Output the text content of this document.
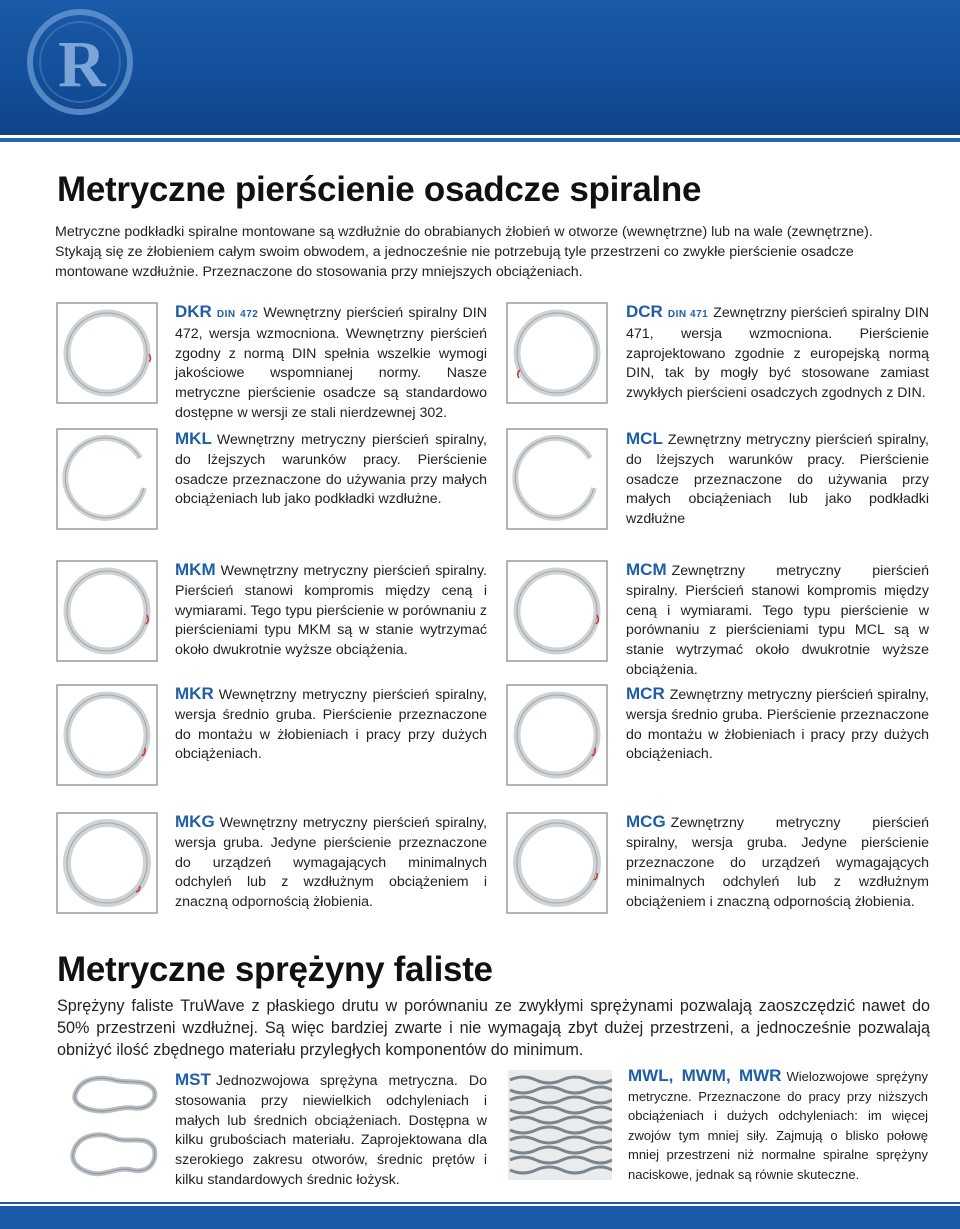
R
Metryczne pierścienie osadcze spiralne
Metryczne podkładki spiralne montowane są wzdłużnie do obrabianych żłobień w otworze (wewnętrzne) lub na wale (zewnętrzne). Stykają się ze żłobieniem całym swoim obwodem, a jednocześnie nie potrzebują tyle przestrzeni co zwykłe pierścienie osadcze montowane wzdłużnie. Przeznaczone do stosowania przy mniejszych obciążeniach.
DKR DIN 472 Wewnętrzny pierścień spiralny DIN 472, wersja wzmocniona. Wewnętrzny pierścień zgodny z normą DIN spełnia wszelkie wymogi jakościowe wspomnianej normy. Nasze metryczne pierścienie osadcze są standardowo dostępne w wersji ze stali nierdzewnej 302.
DCR DIN 471 Zewnętrzny pierścień spiralny DIN 471, wersja wzmocniona. Pierścienie zaprojektowano zgodnie z europejską normą DIN, tak by mogły być stosowane zamiast zwykłych pierścieni osadczych zgodnych z DIN.
MKL Wewnętrzny metryczny pierścień spiralny, do lżejszych warunków pracy. Pierścienie osadcze przeznaczone do używania przy małych obciążeniach lub jako podkładki wzdłużne.
MCL Zewnętrzny metryczny pierścień spiralny, do lżejszych warunków pracy. Pierścienie osadcze przeznaczone do używania przy małych obciążeniach lub jako podkładki wzdłużne
MKM Wewnętrzny metryczny pierścień spiralny. Pierścień stanowi kompromis między ceną i wymiarami. Tego typu pierścienie w porównaniu z pierścieniami typu MKM są w stanie wytrzymać około dwukrotnie wyższe obciążenia.
MCM Zewnętrzny metryczny pierścień spiralny. Pierścień stanowi kompromis między ceną i wymiarami. Tego typu pierścienie w porównaniu z pierścieniami typu MCL są w stanie wytrzymać około dwukrotnie wyższe obciążenia.
MKR Wewnętrzny metryczny pierścień spiralny, wersja średnio gruba. Pierścienie przeznaczone do montażu w żłobieniach i pracy przy dużych obciążeniach.
MCR Zewnętrzny metryczny pierścień spiralny, wersja średnio gruba. Pierścienie przeznaczone do montażu w żłobieniach i pracy przy dużych obciążeniach.
MKG Wewnętrzny metryczny pierścień spiralny, wersja gruba. Jedyne pierścienie przeznaczone do urządzeń wymagających minimalnych odchyleń lub z wzdłużnym obciążeniem i znaczną odpornością żłobienia.
MCG Zewnętrzny metryczny pierścień spiralny, wersja gruba. Jedyne pierścienie przeznaczone do urządzeń wymagających minimalnych odchyleń lub z wzdłużnym obciążeniem i znaczną odpornością żłobienia.
Metryczne sprężyny faliste
Sprężyny faliste TruWave z płaskiego drutu w porównaniu ze zwykłymi sprężynami pozwalają zaoszczędzić nawet do 50% przestrzeni wzdłużnej. Są więc bardziej zwarte i nie wymagają zbyt dużej przestrzeni, a jednocześnie pozwalają obniżyć ilość zbędnego materiału przyległych komponentów do minimum.
MST Jednozwojowa sprężyna metryczna. Do stosowania przy niewielkich odchyleniach i małych lub średnich obciążeniach. Dostępna w kilku grubościach materiału. Zaprojektowana dla szerokiego zakresu otworów, średnic prętów i kilku standardowych średnic łożysk.
MWL, MWM, MWR Wielozwojowe sprężyny metryczne. Przeznaczone do pracy przy niższych obciążeniach i dużych odchyleniach: im więcej zwojów tym mniej siły. Zajmują o blisko połowę mniej przestrzeni niż normalne spiralne sprężyny naciskowe, jednak są równie skuteczne.
